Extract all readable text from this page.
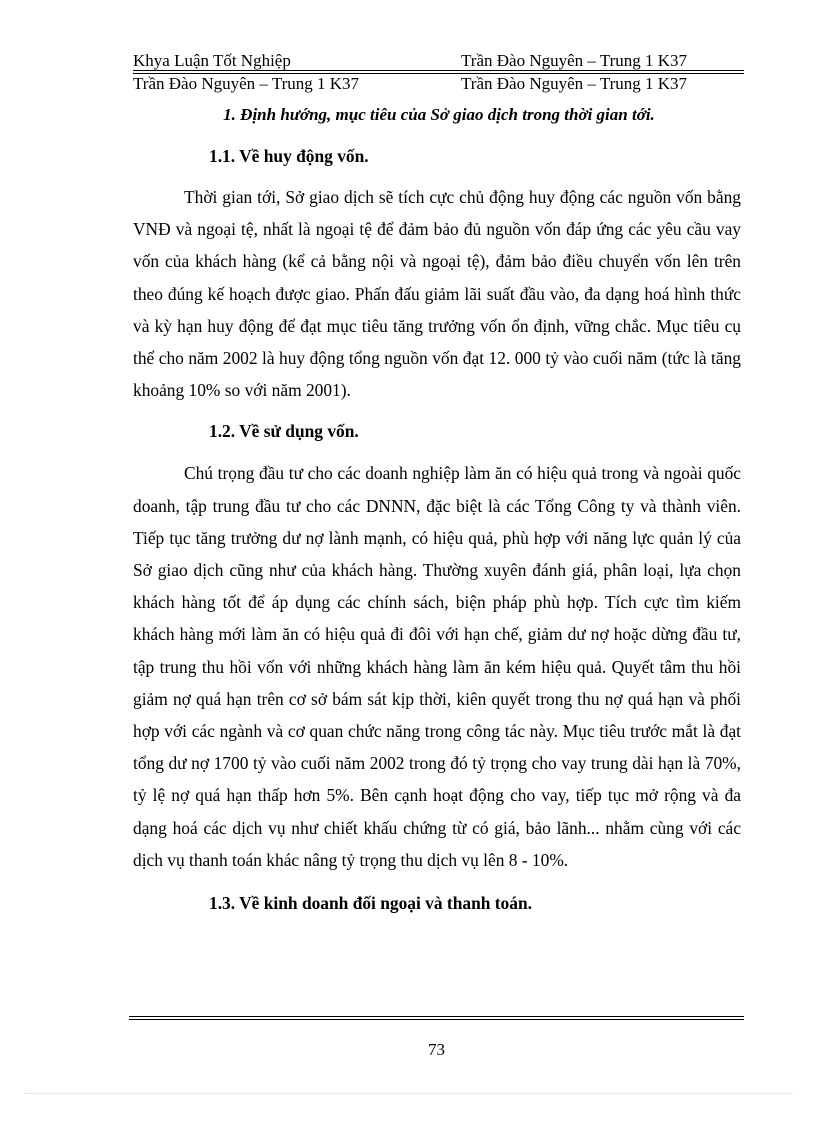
Khya Luận Tốt Nghiệp	Trần Đào Nguyên – Trung 1 K37
Trần Đào Nguyên – Trung 1 K37	Trần Đào Nguyên – Trung 1 K37

1. Định hướng, mục tiêu của Sở giao dịch trong thời gian tới.

1.1. Về huy động vốn.

Thời gian tới, Sở giao dịch sẽ tích cực chủ động huy động các nguồn vốn bằng VNĐ và ngoại tệ, nhất là ngoại tệ để đảm bảo đủ nguồn vốn đáp ứng các yêu cầu vay vốn của khách hàng (kể cả bằng nội và ngoại tệ), đảm bảo điều chuyển vốn lên trên theo đúng kế hoạch được giao. Phấn đấu giảm lãi suất đầu vào, đa dạng hoá hình thức và kỳ hạn huy động để đạt mục tiêu tăng trưởng vốn ổn định, vững chắc. Mục tiêu cụ thể cho năm 2002 là huy động tổng nguồn vốn đạt 12. 000 tỷ vào cuối năm (tức là tăng khoảng 10% so với năm 2001).

1.2. Về sử dụng vốn.

Chú trọng đầu tư cho các doanh nghiệp làm ăn có hiệu quả trong và ngoài quốc doanh, tập trung đầu tư cho các DNNN, đặc biệt là các Tổng Công ty và thành viên. Tiếp tục tăng trưởng dư nợ lành mạnh, có hiệu quả, phù hợp với năng lực quản lý của Sở giao dịch cũng như của khách hàng. Thường xuyên đánh giá, phân loại, lựa chọn khách hàng tốt để áp dụng các chính sách, biện pháp phù hợp. Tích cực tìm kiếm khách hàng mới làm ăn có hiệu quả đi đôi với hạn chế, giảm dư nợ hoặc dừng đầu tư, tập trung thu hồi vốn với những khách hàng làm ăn kém hiệu quả. Quyết tâm thu hồi giảm nợ quá hạn trên cơ sở bám sát kịp thời, kiên quyết trong thu nợ quá hạn và phối hợp với các ngành và cơ quan chức năng trong công tác này. Mục tiêu trước mắt là đạt tổng dư nợ 1700 tỷ vào cuối năm 2002 trong đó tỷ trọng cho vay trung dài hạn là 70%, tỷ lệ nợ quá hạn thấp hơn 5%. Bên cạnh hoạt động cho vay, tiếp tục mở rộng và đa dạng hoá các dịch vụ như chiết khấu chứng từ có giá, bảo lãnh... nhằm cùng với các dịch vụ thanh toán khác nâng tỷ trọng thu dịch vụ lên 8 - 10%.

1.3. Về kinh doanh đối ngoại và thanh toán.

73
